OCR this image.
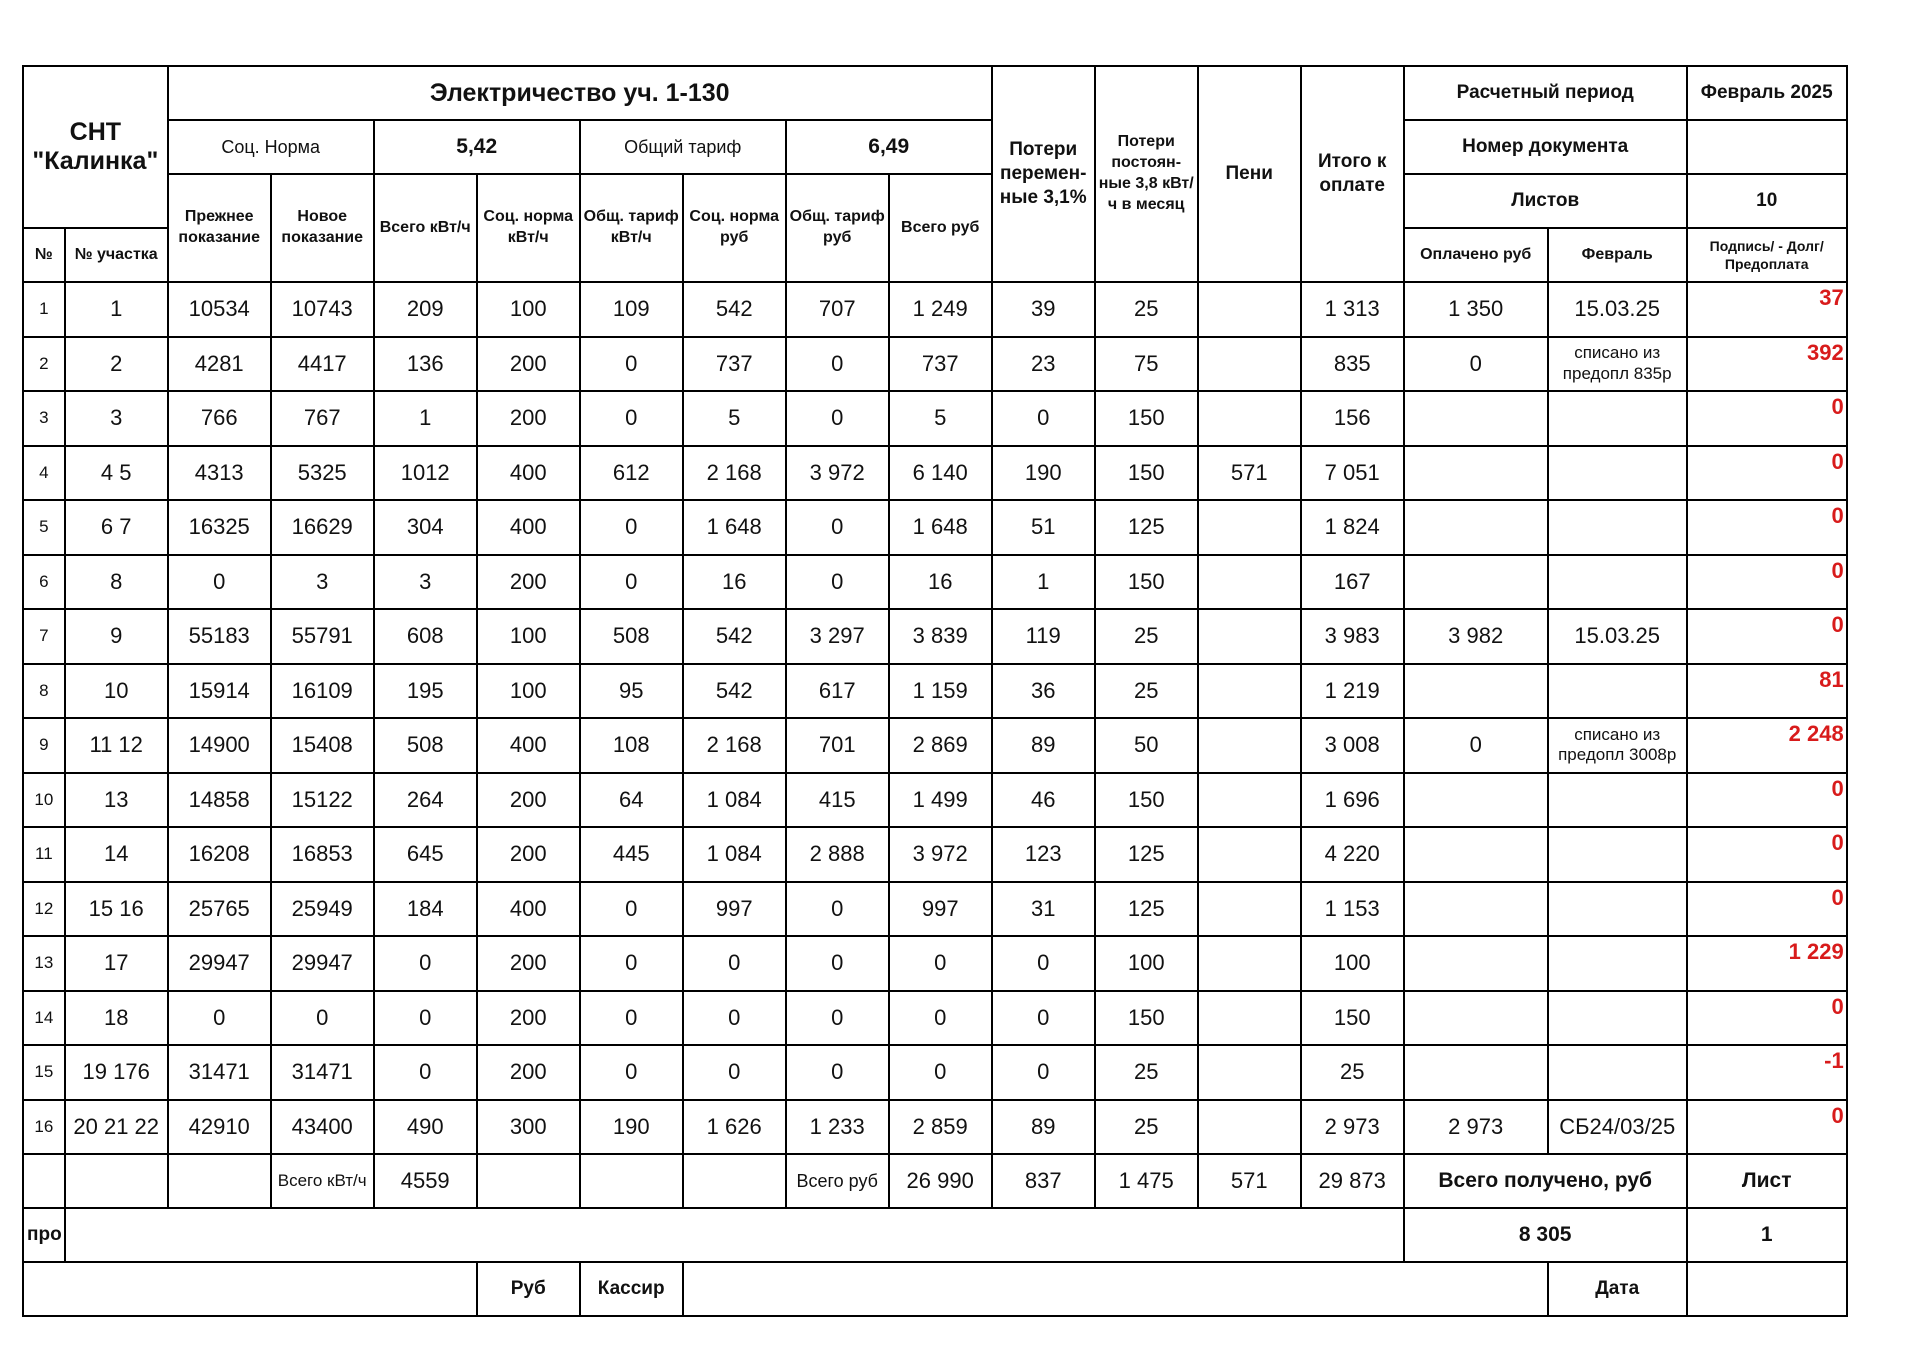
СНТ "Калинка"		Электричество уч. 1-130								Потери перемен-ные 3,1%	Потери постоян-ные 3,8 кВт/ч в месяц	Пени	Итого к оплате	Расчетный период		Февраль 2025
		Соц. Норма		5,42		Общий тариф		6,49						Номер документа		
		Прежнее показание	Новое показание	Всего кВт/ч	Соц. норма кВт/ч	Общ. тариф кВт/ч	Соц. норма руб	Общ. тариф руб	Всего руб					Листов		10
№	№ участка													Оплачено руб	Февраль	Подпись/ - Долг/Предоплата
1	1	10534	10743	209	100	109	542	707	1 249	39	25		1 313	1 350	15.03.25	37
2	2	4281	4417	136	200	0	737	0	737	23	75		835	0	списано из предопл 835р	392
3	3	766	767	1	200	0	5	0	5	0	150		156			0
4	4 5	4313	5325	1012	400	612	2 168	3 972	6 140	190	150	571	7 051			0
5	6 7	16325	16629	304	400	0	1 648	0	1 648	51	125		1 824			0
6	8	0	3	3	200	0	16	0	16	1	150		167			0
7	9	55183	55791	608	100	508	542	3 297	3 839	119	25		3 983	3 982	15.03.25	0
8	10	15914	16109	195	100	95	542	617	1 159	36	25		1 219			81
9	11 12	14900	15408	508	400	108	2 168	701	2 869	89	50		3 008	0	списано из предопл 3008р	2 248
10	13	14858	15122	264	200	64	1 084	415	1 499	46	150		1 696			0
11	14	16208	16853	645	200	445	1 084	2 888	3 972	123	125		4 220			0
12	15 16	25765	25949	184	400	0	997	0	997	31	125		1 153			0
13	17	29947	29947	0	200	0	0	0	0	0	100		100			1 229
14	18	0	0	0	200	0	0	0	0	0	150		150			0
15	19 176	31471	31471	0	200	0	0	0	0	0	25		25			-1
16	20 21 22	42910	43400	490	300	190	1 626	1 233	2 859	89	25		2 973	2 973	СБ24/03/25	0
			Всего кВт/ч	4559				Всего руб	26 990	837	1 475	571	29 873	Всего получено, руб		Лист
про														8 305		1
					Руб	Кассир									Дата	
